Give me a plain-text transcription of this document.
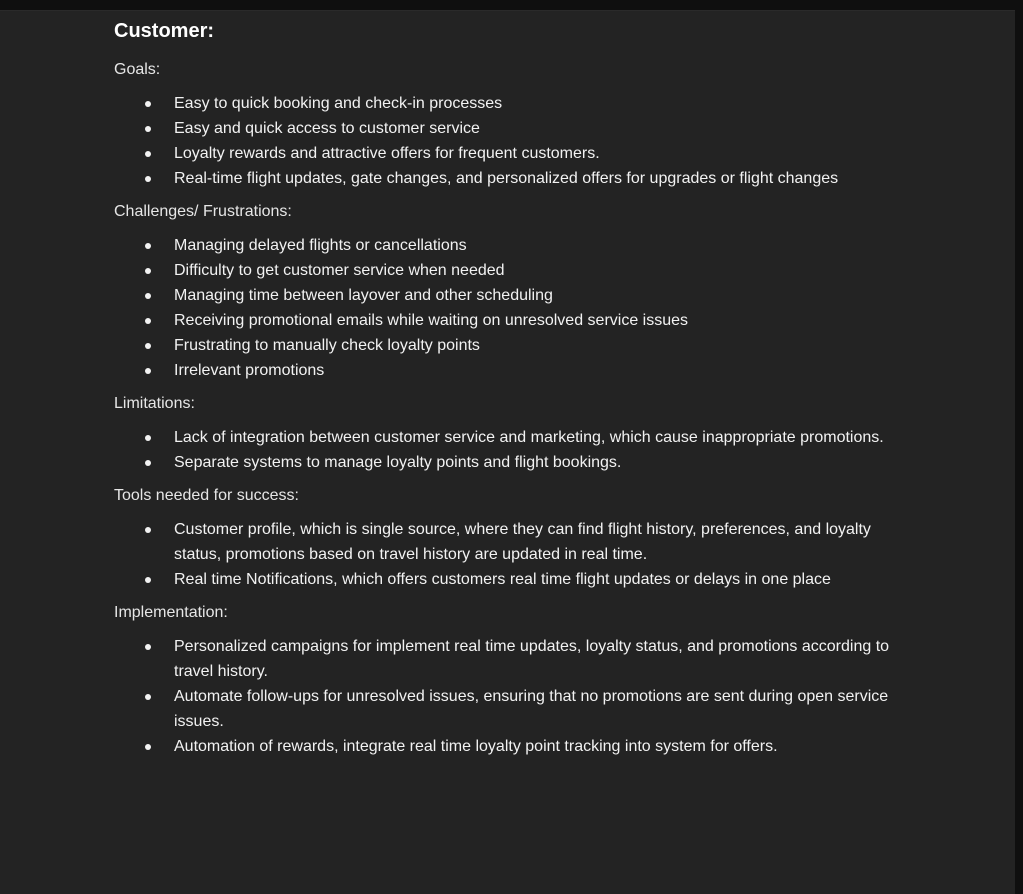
Customer:
Goals:
Easy to quick booking and check-in processes
Easy and quick access to customer service
Loyalty rewards and attractive offers for frequent customers.
Real-time flight updates, gate changes, and personalized offers for upgrades or flight changes
Challenges/ Frustrations:
Managing delayed flights or cancellations
Difficulty to get customer service when needed
Managing time between layover and other scheduling
Receiving promotional emails while waiting on unresolved service issues
Frustrating to manually check loyalty points
Irrelevant promotions
Limitations:
Lack of integration between customer service and marketing, which cause inappropriate promotions.
Separate systems to manage loyalty points and flight bookings.
Tools needed for success:
Customer profile, which is single source, where they can find flight history, preferences, and loyalty status, promotions based on travel history are updated in real time.
Real time Notifications, which offers customers real time flight updates or delays in one place
Implementation:
Personalized campaigns for implement real time updates, loyalty status, and promotions according to travel history.
Automate follow-ups for unresolved issues, ensuring that no promotions are sent during open service issues.
Automation of rewards, integrate real time loyalty point tracking into system for offers.
